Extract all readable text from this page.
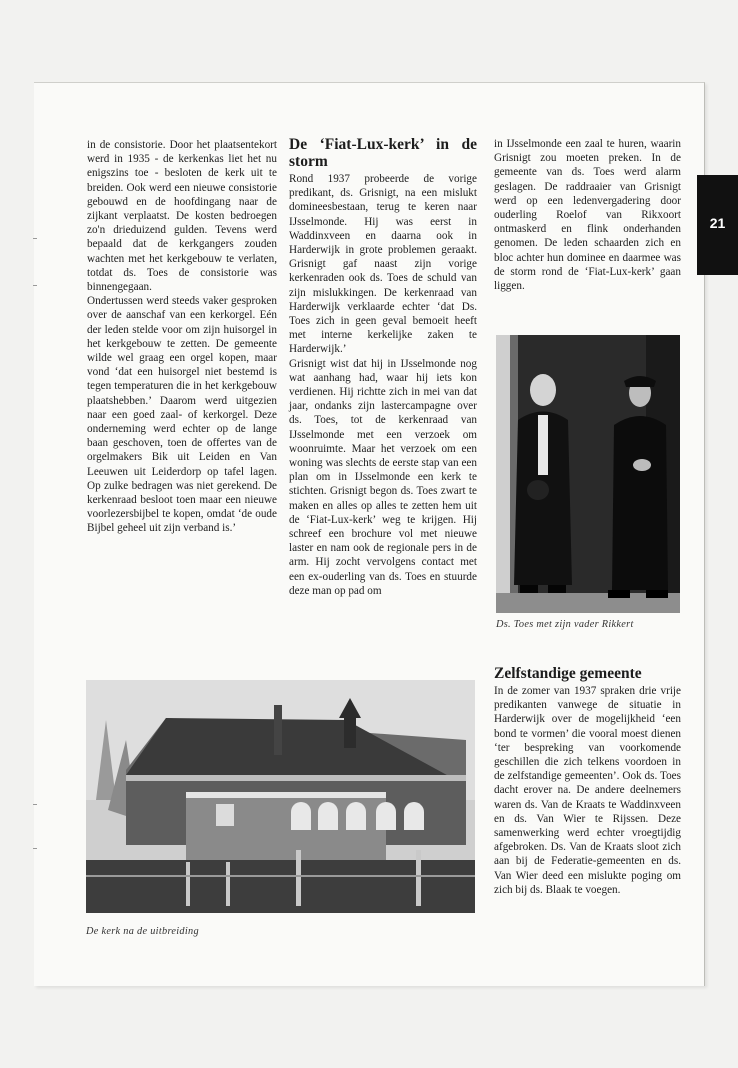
21

in de consistorie. Door het plaatsentekort werd in 1935 - de kerkenkas liet het nu enigszins toe - besloten de kerk uit te breiden. Ook werd een nieuwe consistorie gebouwd en de hoofdingang naar de zijkant verplaatst. De kosten bedroegen zo'n drieduizend gulden. Tevens werd bepaald dat de kerkgangers zouden wachten met het kerkgebouw te verlaten, totdat ds. Toes de consistorie was binnengegaan.

Ondertussen werd steeds vaker gesproken over de aanschaf van een kerkorgel. Eén der leden stelde voor om zijn huisorgel in het kerkgebouw te zetten. De gemeente wilde wel graag een orgel kopen, maar vond ‘dat een huisorgel niet bestemd is tegen temperaturen die in het kerkgebouw plaatshebben.’ Daarom werd uitgezien naar een goed zaal- of kerkorgel. Deze onderneming werd echter op de lange baan geschoven, toen de offertes van de orgelmakers Bik uit Leiden en Van Leeuwen uit Leiderdorp op tafel lagen. Op zulke bedragen was niet gerekend. De kerkenraad besloot toen maar een nieuwe voorlezersbijbel te kopen, omdat ‘de oude Bijbel geheel uit zijn verband is.’

De ‘Fiat-Lux-kerk’ in de storm

Rond 1937 probeerde de vorige predikant, ds. Grisnigt, na een mislukt domineesbestaan, terug te keren naar IJsselmonde. Hij was eerst in Waddinxveen en daarna ook in Harderwijk in grote problemen geraakt. Grisnigt gaf naast zijn vorige kerkenraden ook ds. Toes de schuld van zijn mislukkingen. De kerkenraad van Harderwijk verklaarde echter ‘dat Ds. Toes zich in geen geval bemoeit heeft met interne kerkelijke zaken te Harderwijk.’

Grisnigt wist dat hij in IJsselmonde nog wat aanhang had, waar hij iets kon verdienen. Hij richtte zich in mei van dat jaar, ondanks zijn lastercampagne over ds. Toes, tot de kerkenraad van IJsselmonde met een verzoek om woonruimte. Maar het verzoek om een woning was slechts de eerste stap van een plan om in IJsselmonde een kerk te stichten. Grisnigt begon ds. Toes zwart te maken en alles op alles te zetten hem uit de ‘Fiat-Lux-kerk’ weg te krijgen. Hij schreef een brochure vol met nieuwe laster en nam ook de regionale pers in de arm. Hij zocht vervolgens contact met een ex-ouderling van ds. Toes en stuurde deze man op pad om

in IJsselmonde een zaal te huren, waarin Grisnigt zou moeten preken. In de gemeente van ds. Toes werd alarm geslagen. De raddraaier van Grisnigt werd op een ledenvergadering door ouderling Roelof van Rikxoort ontmaskerd en flink onderhanden genomen. De leden schaarden zich en bloc achter hun dominee en daarmee was de storm rond de ‘Fiat-Lux-kerk’ gaan liggen.

Ds. Toes met zijn vader Rikkert
Zelfstandige gemeente

In de zomer van 1937 spraken drie vrije predikanten vanwege de situatie in Harderwijk over de mogelijkheid ‘een bond te vormen’ die vooral moest dienen ‘ter bespreking van voorkomende geschillen die zich telkens voordoen in de zelfstandige gemeenten’. Ook ds. Toes dacht erover na. De andere deelnemers waren ds. Van de Kraats te Waddinxveen en ds. Van Wier te Rijssen. Deze samenwerking werd echter vroegtijdig afgebroken. Ds. Van de Kraats sloot zich aan bij de Federatie-gemeenten en ds. Van Wier deed een mislukte poging om zich bij ds. Blaak te voegen.

De kerk na de uitbreiding
